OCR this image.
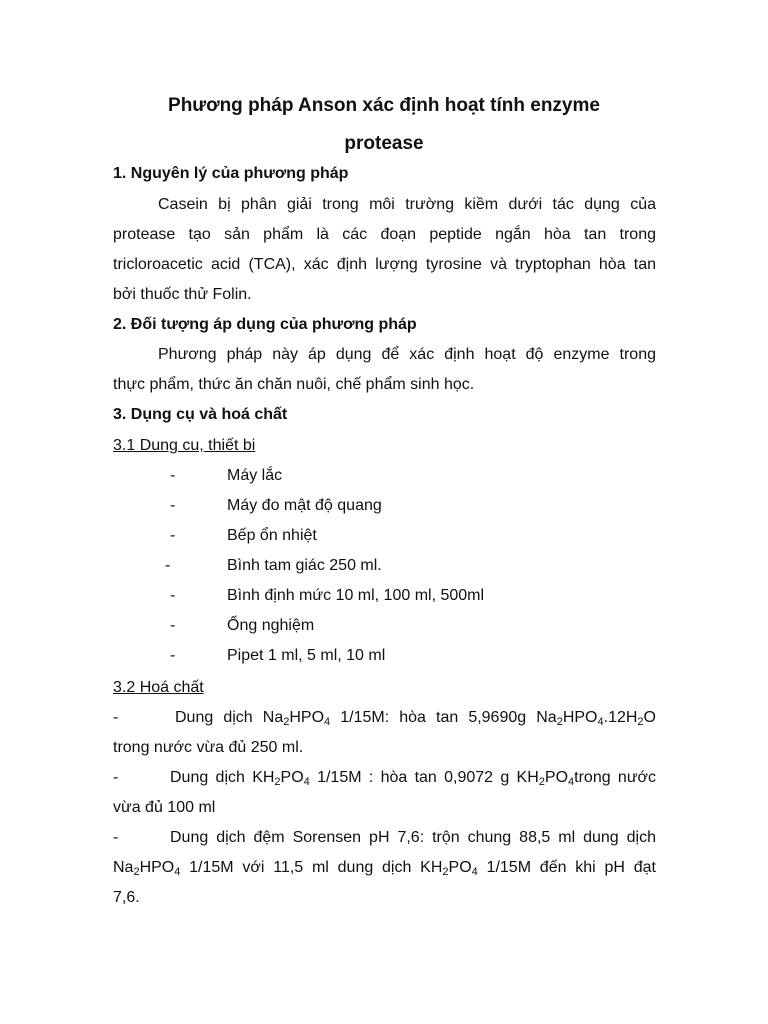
Phương pháp Anson xác định hoạt tính enzyme
protease
1. Nguyên lý của phương pháp
Casein bị phân giải trong môi trường kiềm dưới tác dụng của
protease tạo sản phẩm là các đoạn peptide ngắn hòa tan trong
tricloroacetic acid (TCA), xác định lượng tyrosine và tryptophan hòa tan
bởi thuốc thử Folin.
2. Đối tượng áp dụng của phương pháp
Phương pháp này áp dụng để xác định hoạt độ enzyme trong
thực phẩm, thức ăn chăn nuôi, chế phẩm sinh học.
3. Dụng cụ và hoá chất
3.1 Dung cu, thiết bi
-	Máy lắc
-	Máy đo mật độ quang
-	Bếp ổn nhiệt
-	Bình tam giác 250 ml.
-	Bình định mức 10 ml, 100 ml, 500ml
-	Ống nghiệm
-	Pipet 1 ml, 5 ml, 10 ml
3.2 Hoá chất
-	Dung dịch $Na_2HPO_4$ 1/15M: hòa tan 5,9690g $Na_2HPO_4.12H_2O$
trong nước vừa đủ 250 ml.
-	Dung dịch $KH_2PO_4$ 1/15M : hòa tan 0,9072 g $KH_2PO_4trong$ nước
vừa đủ 100 ml
-	Dung dịch đệm Sorensen pH 7,6: trộn chung 88,5 ml dung dịch
$Na_2HPO_4$ 1/15M với 11,5 ml dung dịch $KH_2PO_4$ 1/15M đến khi pH đạt
7,6.
